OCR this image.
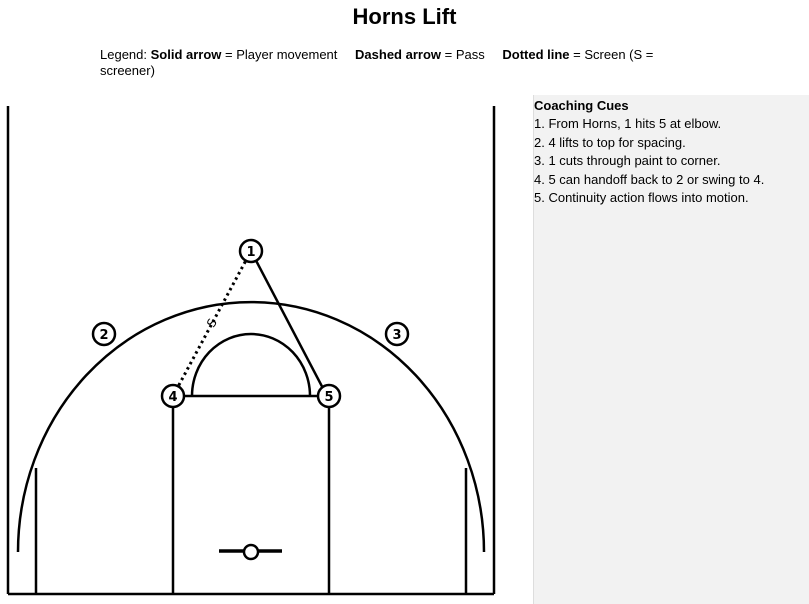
Horns Lift
Legend: Solid arrow = Player movement Dashed arrow = Pass Dotted line = Screen (S = screener)
S
1
2	3
4	5
Coaching Cues
1. From Horns, 1 hits 5 at elbow.
2. 4 lifts to top for spacing.
3. 1 cuts through paint to corner.
4. 5 can handoff back to 2 or swing to 4.
5. Continuity action flows into motion.
